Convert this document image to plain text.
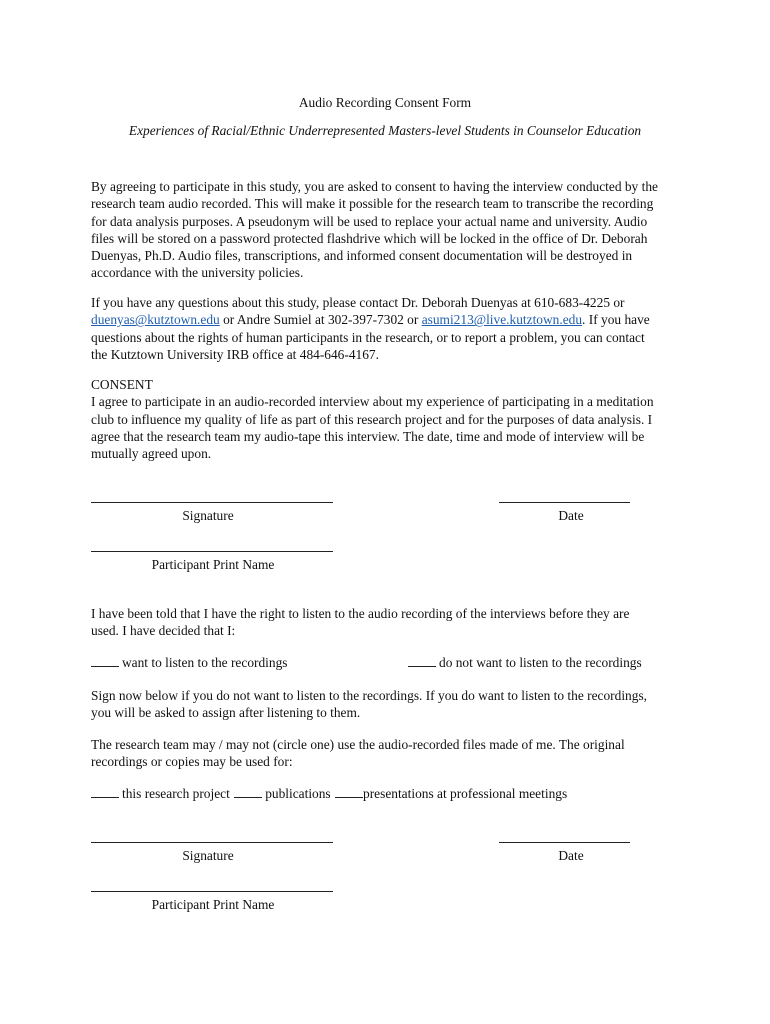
Audio Recording Consent Form
Experiences of Racial/Ethnic Underrepresented Masters-level Students in Counselor Education
By agreeing to participate in this study, you are asked to consent to having the interview conducted by the
research team audio recorded. This will make it possible for the research team to transcribe the recording
for data analysis purposes. A pseudonym will be used to replace your actual name and university. Audio
files will be stored on a password protected flashdrive which will be locked in the office of Dr. Deborah
Duenyas, Ph.D. Audio files, transcriptions, and informed consent documentation will be destroyed in
accordance with the university policies.
If you have any questions about this study, please contact Dr. Deborah Duenyas at 610-683-4225 or
duenyas@kutztown.edu or Andre Sumiel at 302-397-7302 or asumi213@live.kutztown.edu. If you have
questions about the rights of human participants in the research, or to report a problem, you can contact
the Kutztown University IRB office at 484-646-4167.
CONSENT
I agree to participate in an audio-recorded interview about my experience of participating in a meditation
club to influence my quality of life as part of this research project and for the purposes of data analysis. I
agree that the research team my audio-tape this interview. The date, time and mode of interview will be
mutually agreed upon.
Signature	Date
Participant Print Name
I have been told that I have the right to listen to the audio recording of the interviews before they are
used. I have decided that I:
want to listen to the recordings	do not want to listen to the recordings
Sign now below if you do not want to listen to the recordings. If you do want to listen to the recordings,
you will be asked to assign after listening to them.
The research team may / may not (circle one) use the audio-recorded files made of me. The original
recordings or copies may be used for:
this research project	publications presentations at professional meetings
Signature	Date
Participant Print Name
